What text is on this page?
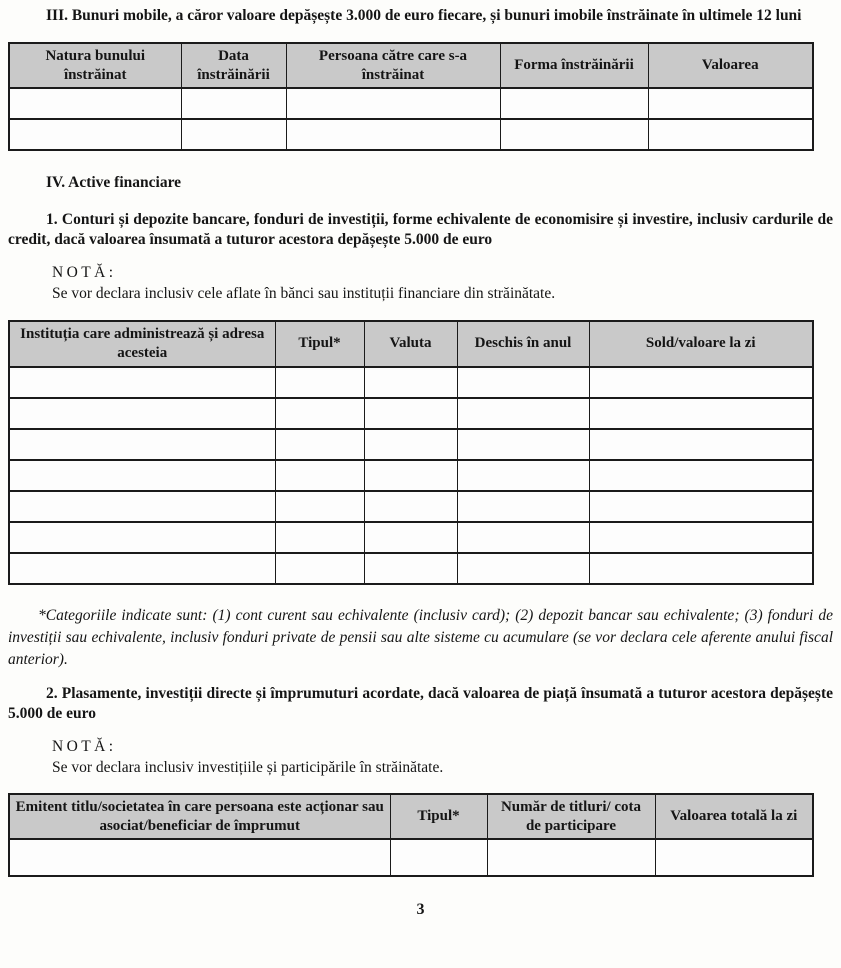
III. Bunuri mobile, a căror valoare depășește 3.000 de euro fiecare, și bunuri imobile înstrăinate în ultimele 12 luni

Natura bunului înstrăinat	Data înstrăinării	Persoana către care s-a înstrăinat	Forma înstrăinării	Valoarea

IV. Active financiare

1. Conturi și depozite bancare, fonduri de investiții, forme echivalente de economisire și investire, inclusiv cardurile de credit, dacă valoarea însumată a tuturor acestora depășește 5.000 de euro

NOTĂ:

Se vor declara inclusiv cele aflate în bănci sau instituții financiare din străinătate.

Instituția care administrează și adresa acesteia	Tipul*	Valuta	Deschis în anul	Sold/valoare la zi

*Categoriile indicate sunt: (1) cont curent sau echivalente (inclusiv card); (2) depozit bancar sau echivalente; (3) fonduri de investiții sau echivalente, inclusiv fonduri private de pensii sau alte sisteme cu acumulare (se vor declara cele aferente anului fiscal anterior).

2. Plasamente, investiții directe și împrumuturi acordate, dacă valoarea de piață însumată a tuturor acestora depășește 5.000 de euro

NOTĂ:

Se vor declara inclusiv investițiile și participările în străinătate.

Emitent titlu/societatea în care persoana este acționar sau asociat/beneficiar de împrumut	Tipul*	Număr de titluri/ cota de participare	Valoarea totală la zi

3
